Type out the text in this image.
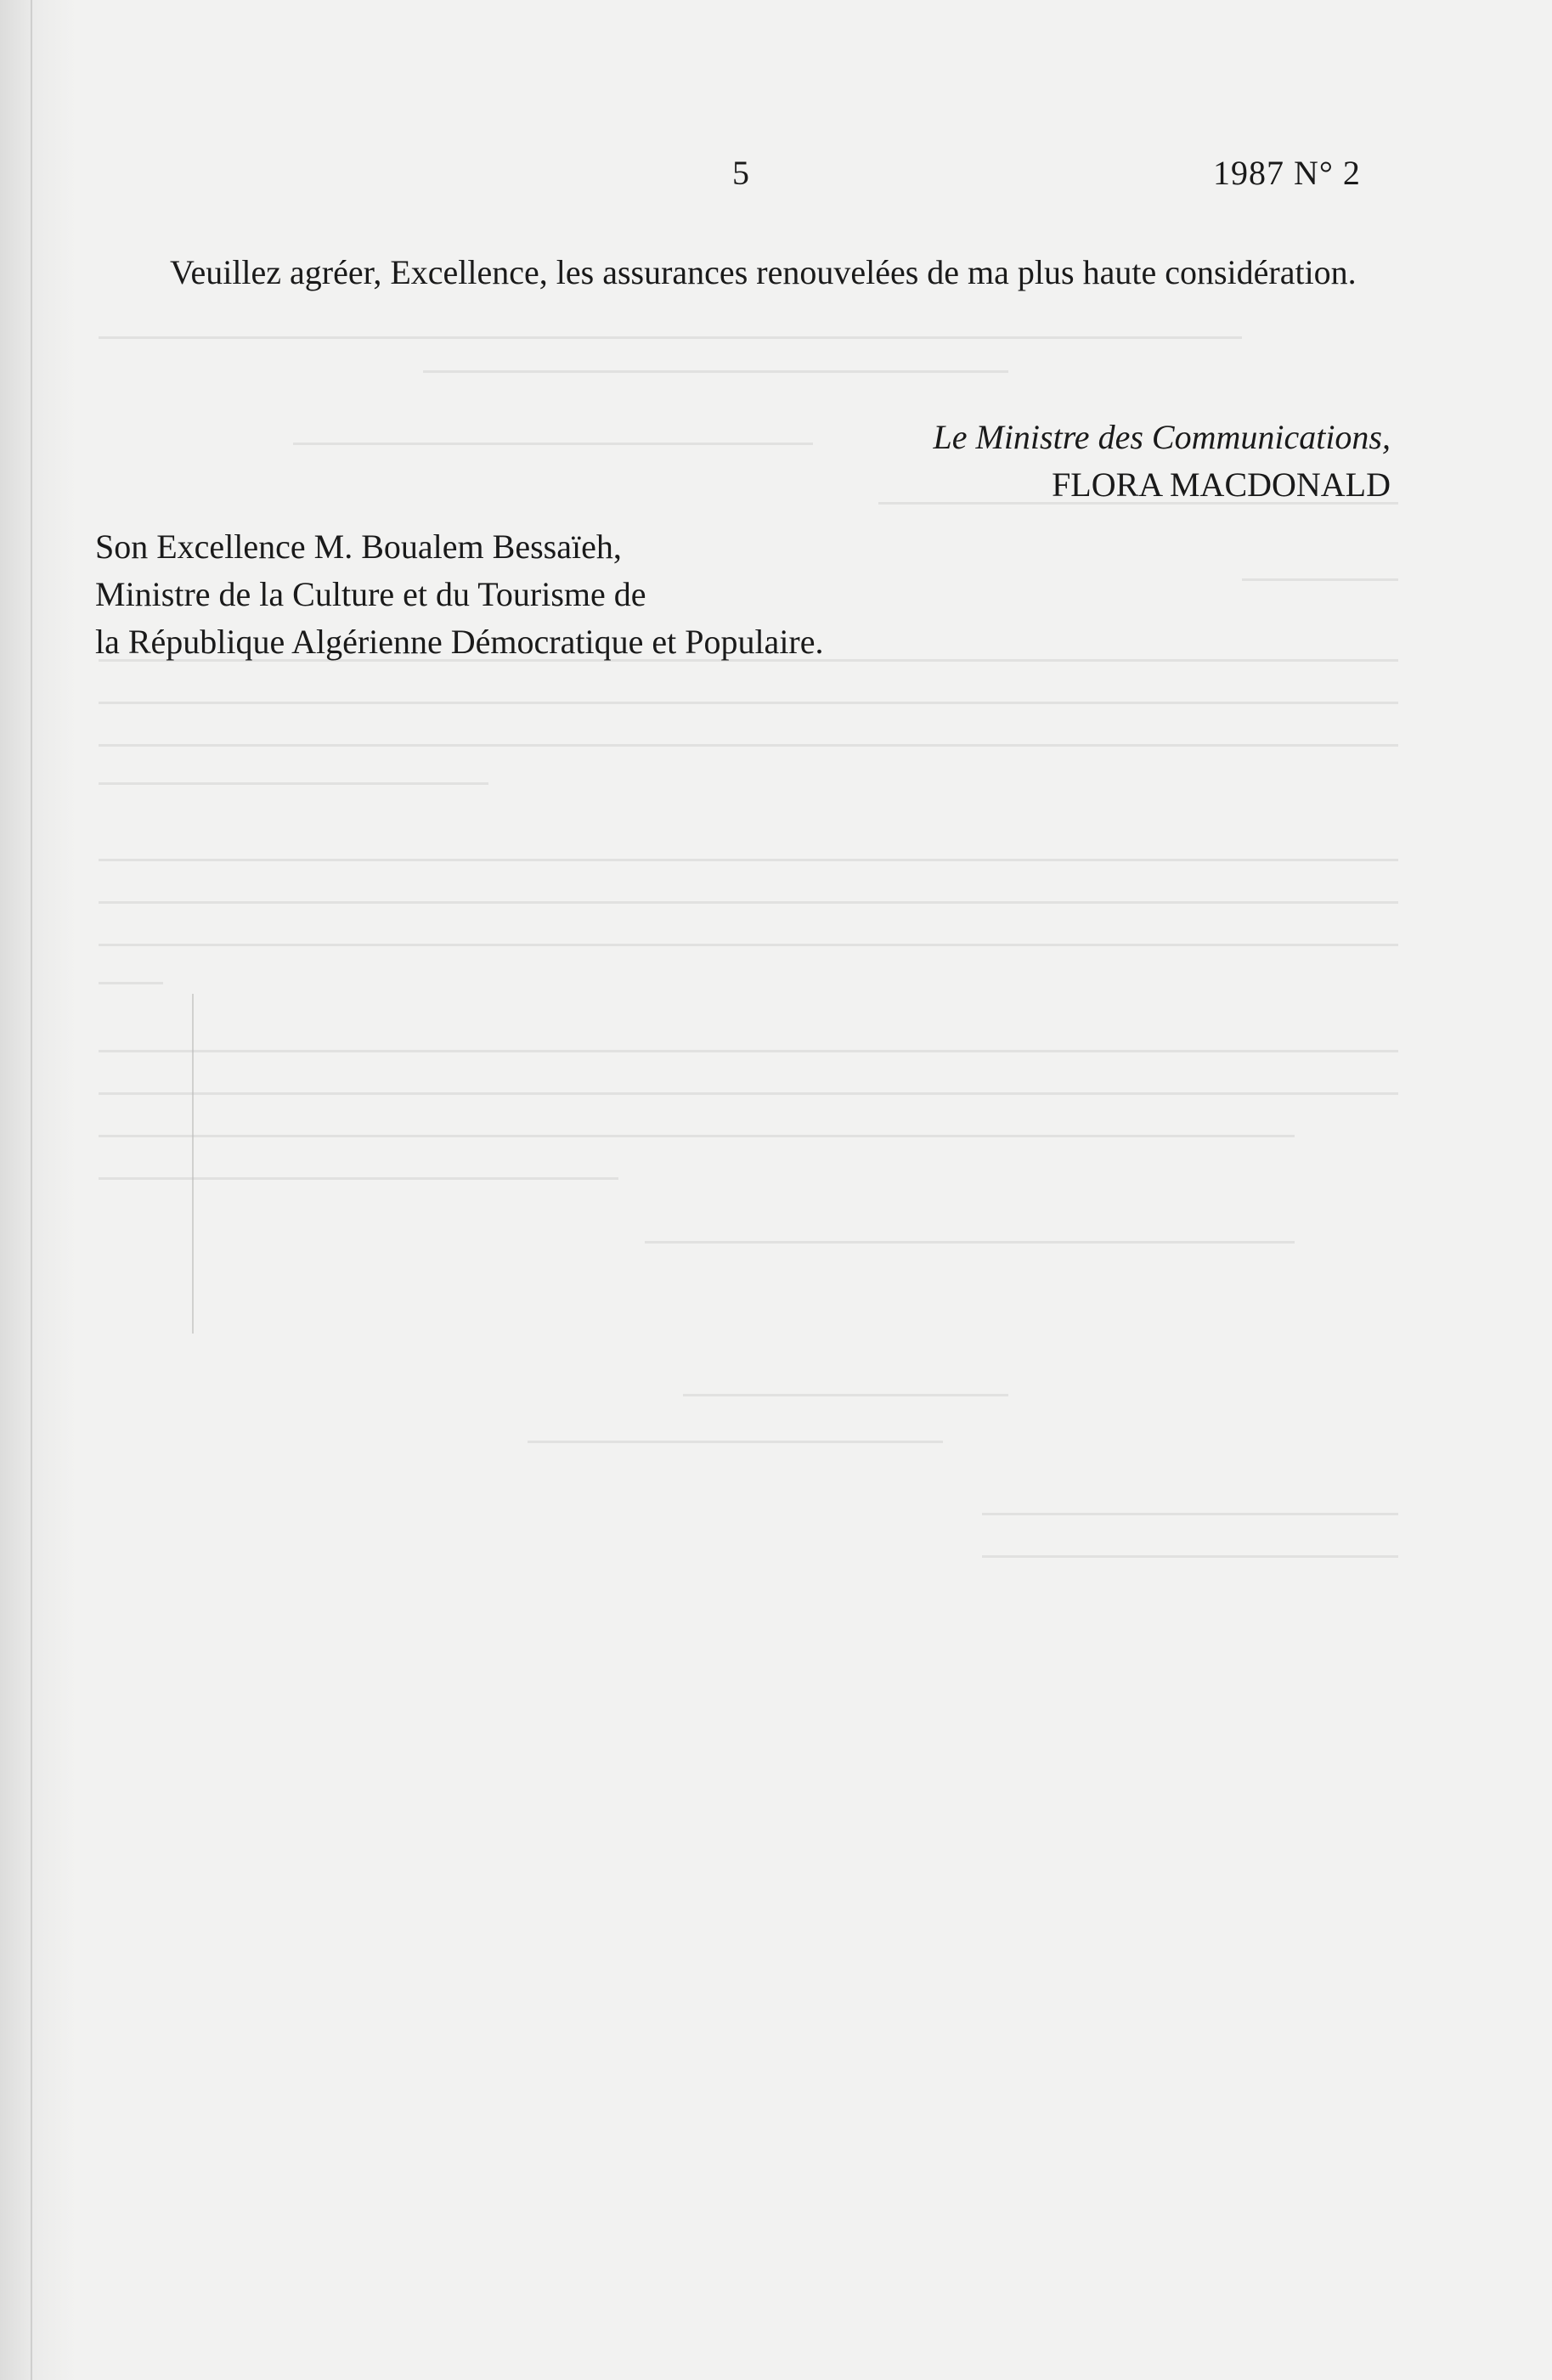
5	1987 N° 2

Veuillez agréer, Excellence, les assurances renouvelées de ma plus haute considération.

Le Ministre des Communications,
FLORA MACDONALD
Son Excellence M. Boualem Bessaïeh,
Ministre de la Culture et du Tourisme de
la République Algérienne Démocratique et Populaire.
